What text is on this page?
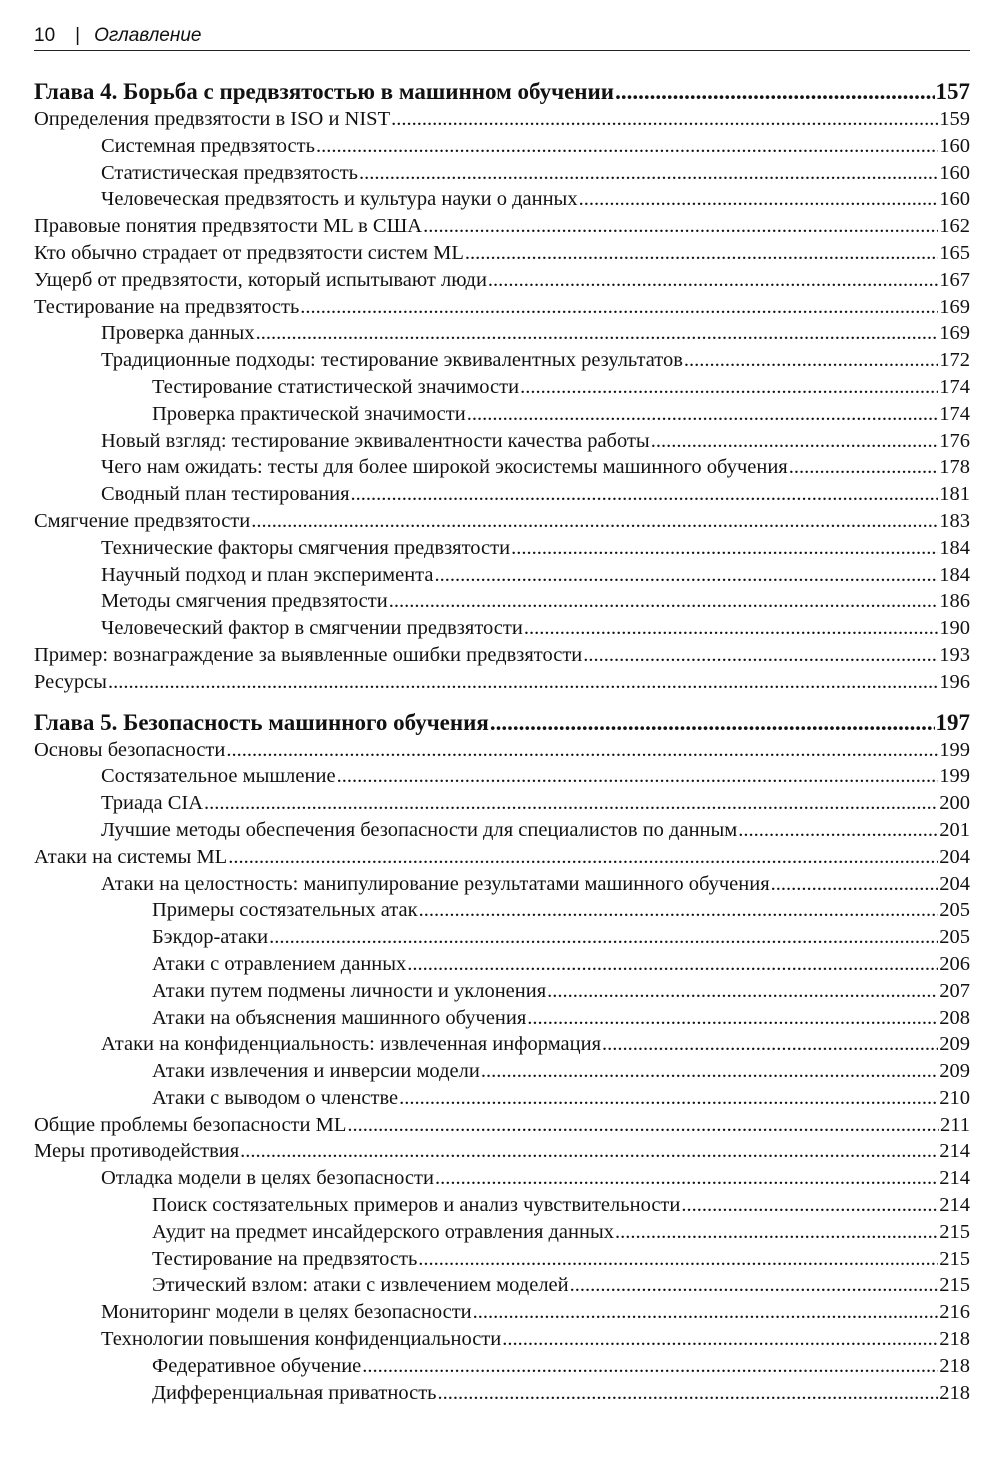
10 | Оглавление
Глава 4. Борьба с предвзятостью в машинном обучении .....	157
Определения предвзятости в ISO и NIST .....	159
Системная предвзятость .....	160
Статистическая предвзятость .....	160
Человеческая предвзятость и культура науки о данных .....	160
Правовые понятия предвзятости ML в США .....	162
Кто обычно страдает от предвзятости систем ML .....	165
Ущерб от предвзятости, который испытывают люди .....	167
Тестирование на предвзятость .....	169
Проверка данных .....	169
Традиционные подходы: тестирование эквивалентных результатов .....	172
Тестирование статистической значимости .....	174
Проверка практической значимости .....	174
Новый взгляд: тестирование эквивалентности качества работы .....	176
Чего нам ожидать: тесты для более широкой экосистемы машинного обучения .....	178
Сводный план тестирования .....	181
Смягчение предвзятости .....	183
Технические факторы смягчения предвзятости .....	184
Научный подход и план эксперимента .....	184
Методы смягчения предвзятости .....	186
Человеческий фактор в смягчении предвзятости .....	190
Пример: вознаграждение за выявленные ошибки предвзятости .....	193
Ресурсы .....	196
Глава 5. Безопасность машинного обучения .....	197
Основы безопасности .....	199
Состязательное мышление .....	199
Триада CIA .....	200
Лучшие методы обеспечения безопасности для специалистов по данным .....	201
Атаки на системы ML .....	204
Атаки на целостность: манипулирование результатами машинного обучения .....	204
Примеры состязательных атак .....	205
Бэкдор-атаки .....	205
Атаки с отравлением данных .....	206
Атаки путем подмены личности и уклонения .....	207
Атаки на объяснения машинного обучения .....	208
Атаки на конфиденциальность: извлеченная информация .....	209
Атаки извлечения и инверсии модели .....	209
Атаки с выводом о членстве .....	210
Общие проблемы безопасности ML .....	211
Меры противодействия .....	214
Отладка модели в целях безопасности .....	214
Поиск состязательных примеров и анализ чувствительности .....	214
Аудит на предмет инсайдерского отравления данных .....	215
Тестирование на предвзятость .....	215
Этический взлом: атаки с извлечением моделей .....	215
Мониторинг модели в целях безопасности .....	216
Технологии повышения конфиденциальности .....	218
Федеративное обучение .....	218
Дифференциальная приватность .....	218
